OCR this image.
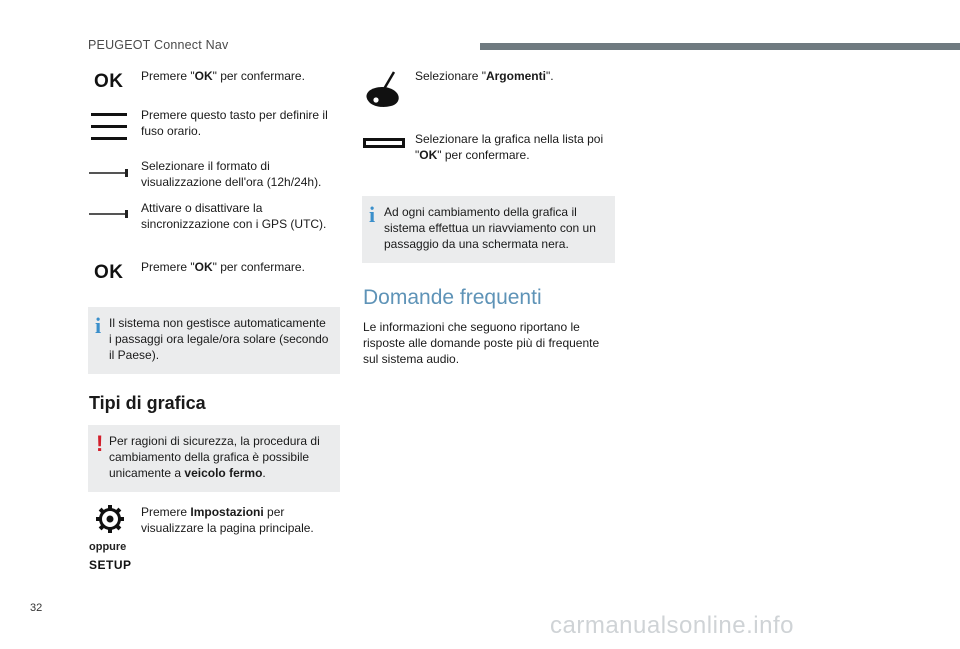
PEUGEOT Connect Nav
OK Premere "OK" per confermare.
Premere questo tasto per definire il
fuso orario.
Selezionare il formato di
visualizzazione dell'ora (12h/24h).
Attivare o disattivare la
sincronizzazione con i GPS (UTC).
OK Premere "OK" per confermare.
i Il sistema non gestisce automaticamente
i passaggi ora legale/ora solare (secondo
il Paese).
Tipi di grafica
! Per ragioni di sicurezza, la procedura di
cambiamento della grafica è possibile
unicamente a veicolo fermo.
oppure
SETUP
Premere Impostazioni per
visualizzare la pagina principale.
Selezionare "Argomenti".
Selezionare la grafica nella lista poi
"OK" per confermare.
i Ad ogni cambiamento della grafica il
sistema effettua un riavviamento con un
passaggio da una schermata nera.
Domande frequenti
Le informazioni che seguono riportano le
risposte alle domande poste più di frequente
sul sistema audio.
32
carmanualsonline.info
